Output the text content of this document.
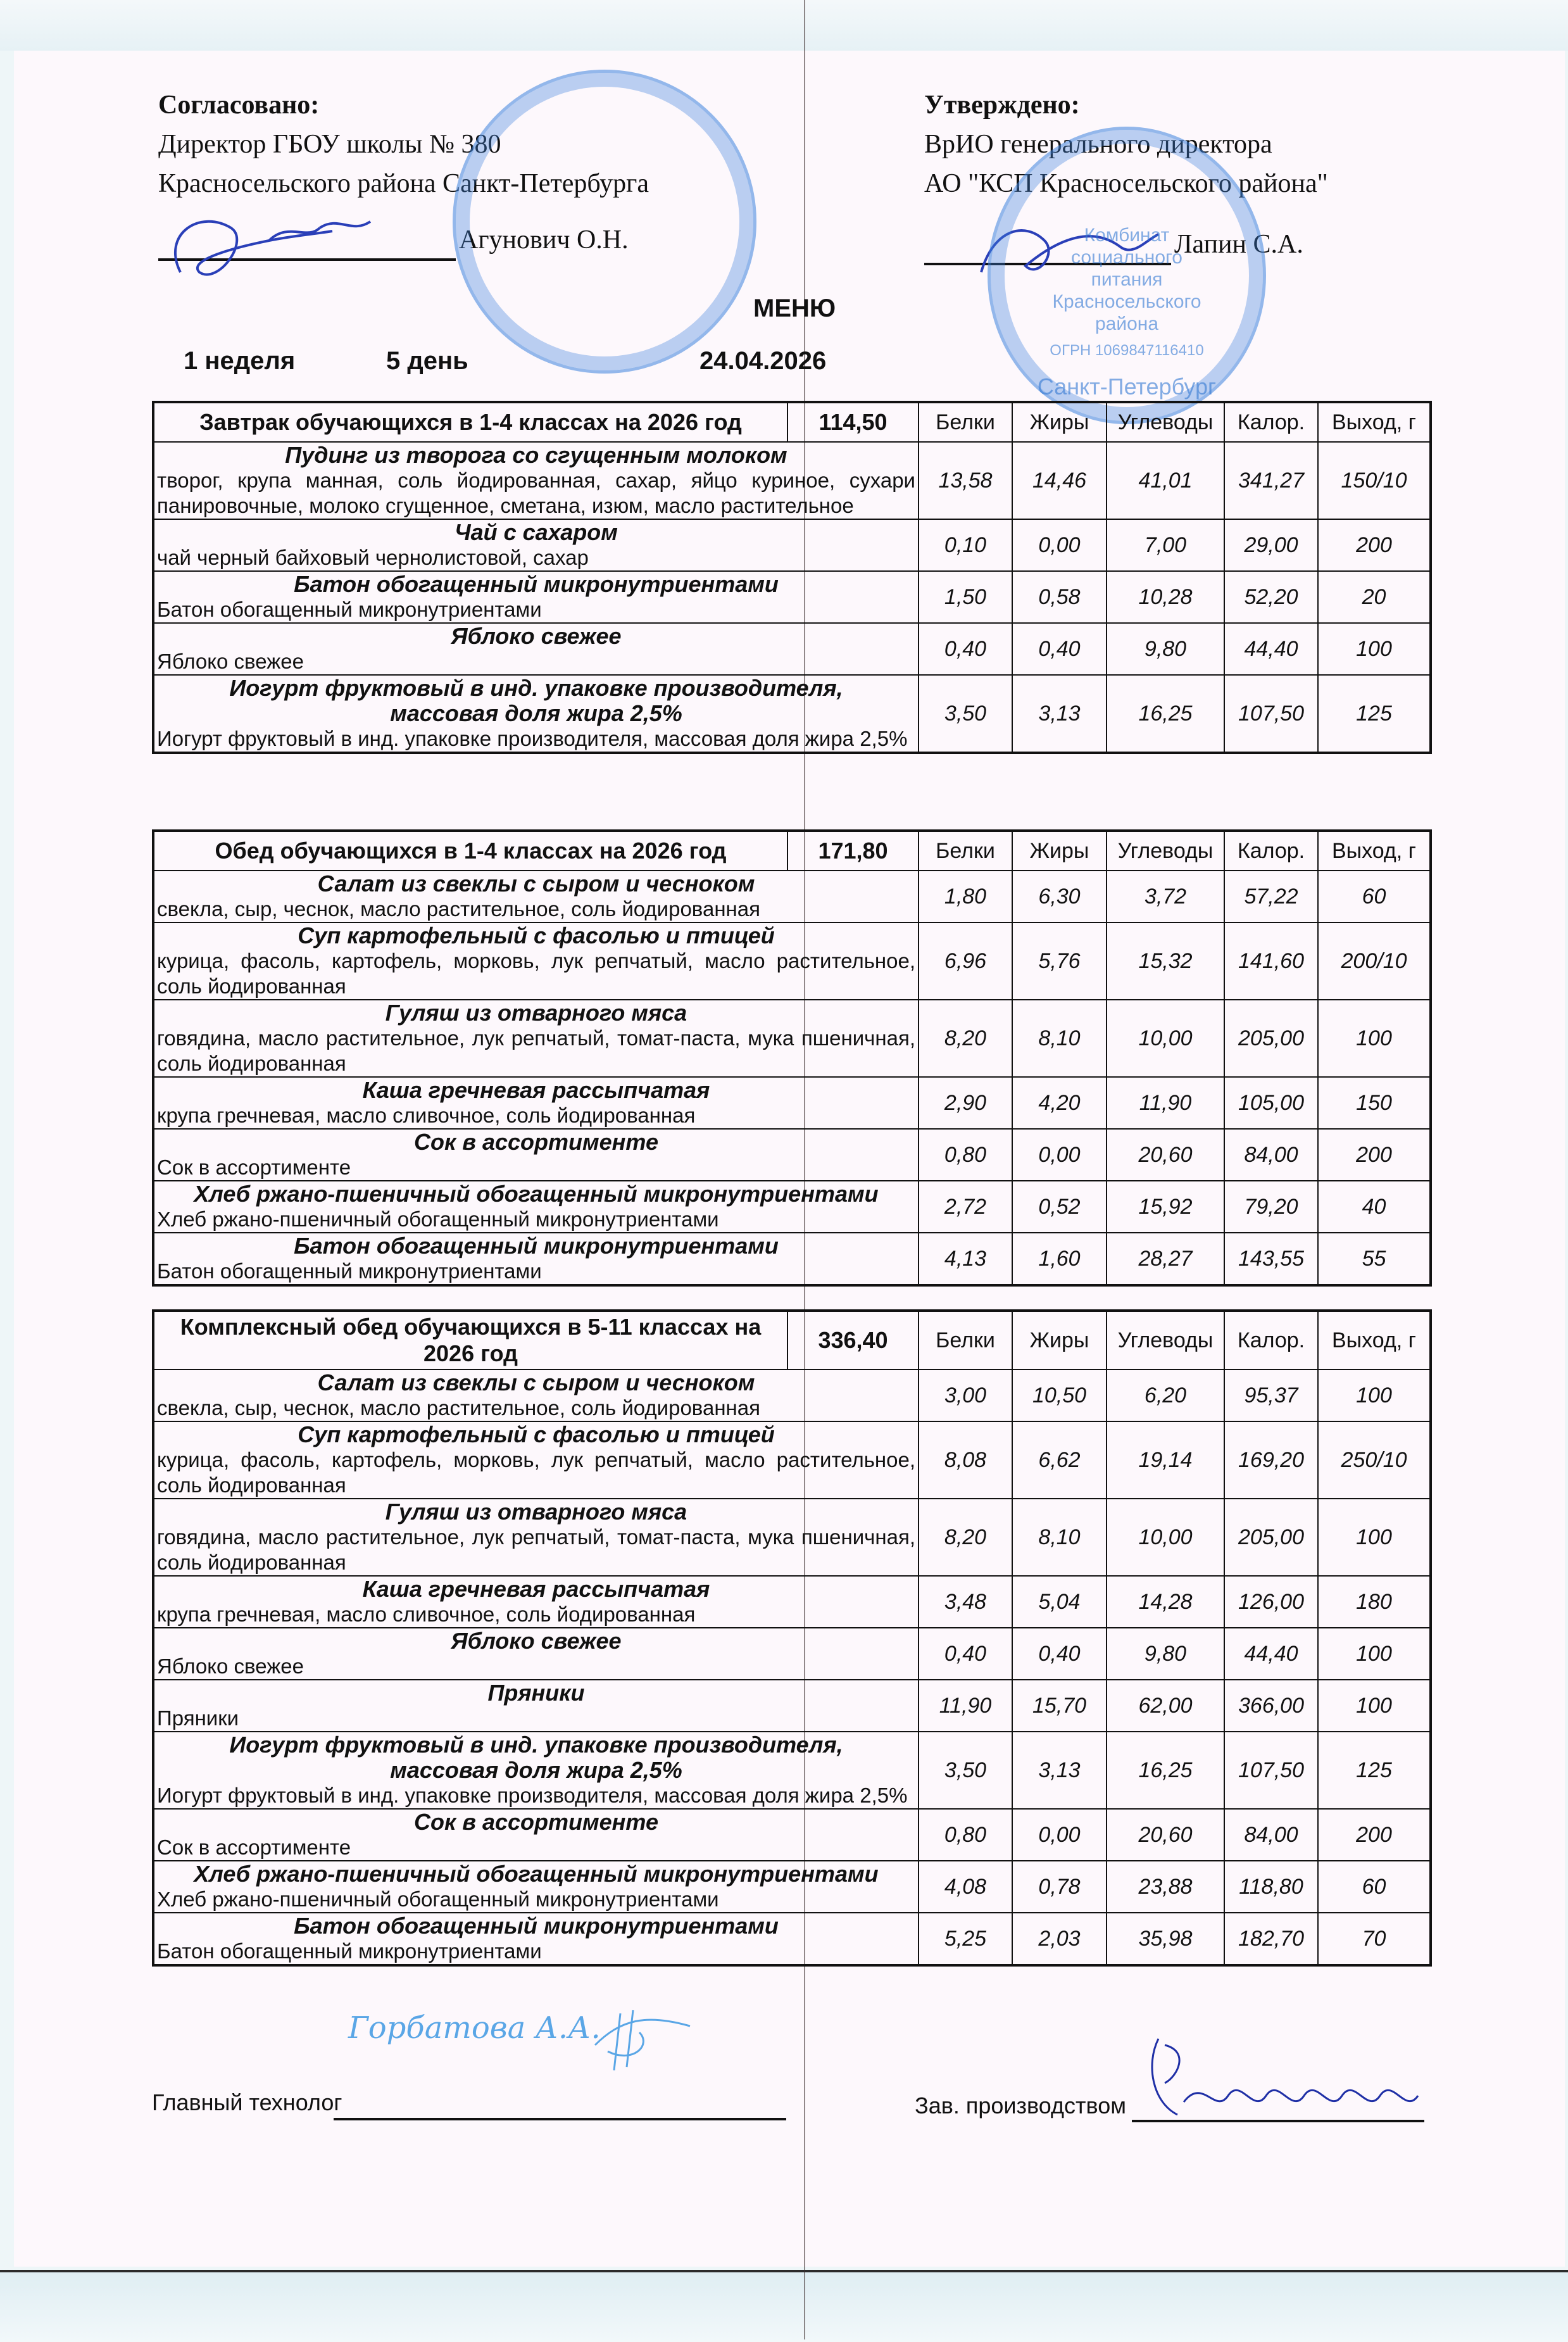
Согласовано:
Директор ГБОУ школы № 380
Красносельского района Санкт-Петербурга
Агунович О.Н.
Утверждено:
ВрИО генерального директора
АО "КСП Красносельского района"
Лапин С.А.
Комбинат
социального
питания
Красносельского
района
ОГРН 1069847116410
Санкт-Петербург
МЕНЮ
1 неделя	5 день	24.04.2026
Завтрак обучающихся в 1-4 классах на 2026 год	114,50	Белки	Жиры	Углеводы	Калор.	Выход, г

Пудинг из творога со сгущенным молоком
творог, крупа манная, соль йодированная, сахар, яйцо куриное, сухари панировочные, молоко сгущенное, сметана, изюм, масло растительное		13,58	14,46	41,01	341,27	150/10

Чай с сахаром
чай черный байховый чернолистовой, сахар		0,10	0,00	7,00	29,00	200

Батон обогащенный микронутриентами
Батон обогащенный микронутриентами		1,50	0,58	10,28	52,20	20

Яблоко свежее
Яблоко свежее		0,40	0,40	9,80	44,40	100

Иогурт фруктовый в инд. упаковке производителя, массовая доля жира 2,5%
Иогурт фруктовый в инд. упаковке производителя, массовая доля жира 2,5%		3,50	3,13	16,25	107,50	125
Обед обучающихся в 1-4 классах на 2026 год	171,80	Белки	Жиры	Углеводы	Калор.	Выход, г

Салат из свеклы с сыром и чесноком
свекла, сыр, чеснок, масло растительное, соль йодированная		1,80	6,30	3,72	57,22	60

Суп картофельный с фасолью и птицей
курица, фасоль, картофель, морковь, лук репчатый, масло растительное, соль йодированная		6,96	5,76	15,32	141,60	200/10

Гуляш из отварного мяса
говядина, масло растительное, лук репчатый, томат-паста, мука пшеничная, соль йодированная		8,20	8,10	10,00	205,00	100

Каша гречневая рассыпчатая
крупа гречневая, масло сливочное, соль йодированная		2,90	4,20	11,90	105,00	150

Сок в ассортименте
Сок в ассортименте		0,80	0,00	20,60	84,00	200

Хлеб ржано-пшеничный обогащенный микронутриентами
Хлеб ржано-пшеничный обогащенный микронутриентами		2,72	0,52	15,92	79,20	40

Батон обогащенный микронутриентами
Батон обогащенный микронутриентами		4,13	1,60	28,27	143,55	55
Комплексный обед обучающихся в 5-11 классах на 2026 год	336,40	Белки	Жиры	Углеводы	Калор.	Выход, г

Салат из свеклы с сыром и чесноком
свекла, сыр, чеснок, масло растительное, соль йодированная		3,00	10,50	6,20	95,37	100

Суп картофельный с фасолью и птицей
курица, фасоль, картофель, морковь, лук репчатый, масло растительное, соль йодированная		8,08	6,62	19,14	169,20	250/10

Гуляш из отварного мяса
говядина, масло растительное, лук репчатый, томат-паста, мука пшеничная, соль йодированная		8,20	8,10	10,00	205,00	100

Каша гречневая рассыпчатая
крупа гречневая, масло сливочное, соль йодированная		3,48	5,04	14,28	126,00	180

Яблоко свежее
Яблоко свежее		0,40	0,40	9,80	44,40	100

Пряники
Пряники		11,90	15,70	62,00	366,00	100

Иогурт фруктовый в инд. упаковке производителя, массовая доля жира 2,5%
Иогурт фруктовый в инд. упаковке производителя, массовая доля жира 2,5%		3,50	3,13	16,25	107,50	125

Сок в ассортименте
Сок в ассортименте		0,80	0,00	20,60	84,00	200

Хлеб ржано-пшеничный обогащенный микронутриентами
Хлеб ржано-пшеничный обогащенный микронутриентами		4,08	0,78	23,88	118,80	60

Батон обогащенный микронутриентами
Батон обогащенный микронутриентами		5,25	2,03	35,98	182,70	70
Горбатова А.А.
Главный технолог	Зав. производством
